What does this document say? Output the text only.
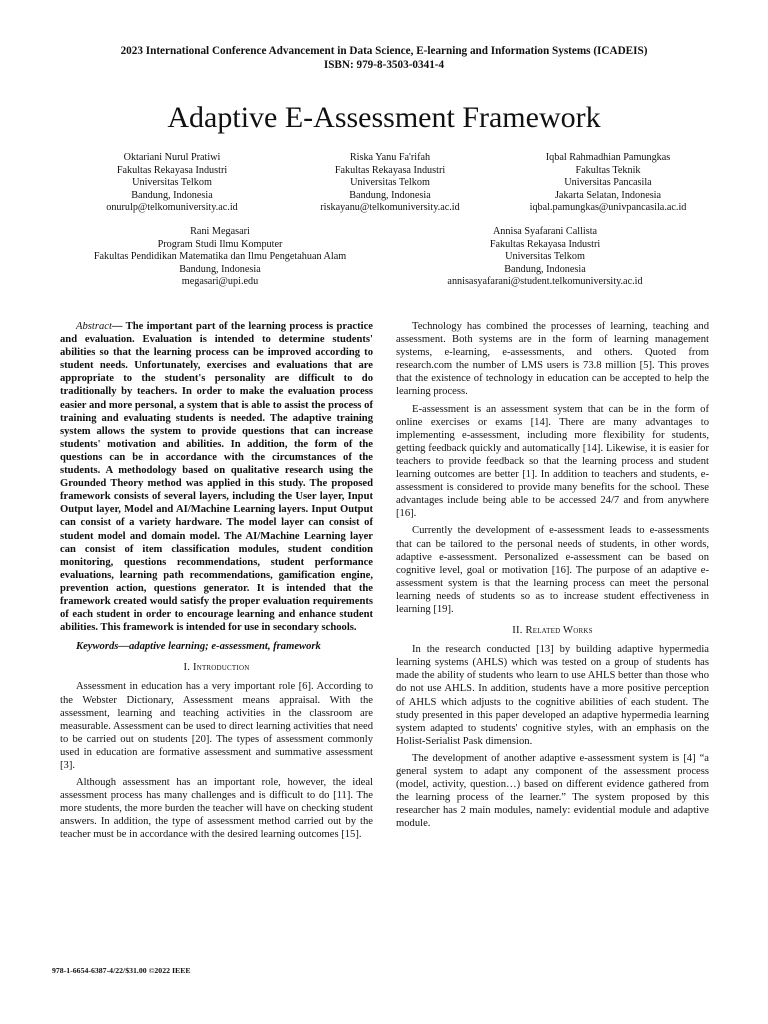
2023 International Conference Advancement in Data Science, E-learning and Information Systems (ICADEIS)
ISBN: 979-8-3503-0341-4
Adaptive E-Assessment Framework
Oktariani Nurul Pratiwi
Fakultas Rekayasa Industri
Universitas Telkom
Bandung, Indonesia
onurulp@telkomuniversity.ac.id
Riska Yanu Fa'rifah
Fakultas Rekayasa Industri
Universitas Telkom
Bandung, Indonesia
riskayanu@telkomuniversity.ac.id
Iqbal Rahmadhian Pamungkas
Fakultas Teknik
Universitas Pancasila
Jakarta Selatan, Indonesia
iqbal.pamungkas@univpancasila.ac.id
Rani Megasari
Program Studi Ilmu Komputer
Fakultas Pendidikan Matematika dan Ilmu Pengetahuan Alam
Bandung, Indonesia
megasari@upi.edu
Annisa Syafarani Callista
Fakultas Rekayasa Industri
Universitas Telkom
Bandung, Indonesia
annisasyafarani@student.telkomuniversity.ac.id

Abstract— The important part of the learning process is practice and evaluation. Evaluation is intended to determine students' abilities so that the learning process can be improved according to student needs. Unfortunately, exercises and evaluations that are appropriate to the student's personality are difficult to do traditionally by teachers. In order to make the evaluation process easier and more personal, a system that is able to assist the process of training and evaluating students is needed. The adaptive training system allows the system to provide questions that can increase students' motivation and abilities. In addition, the form of the questions can be in accordance with the circumstances of the students. A methodology based on qualitative research using the Grounded Theory method was applied in this study. The proposed framework consists of several layers, including the User layer, Input Output layer, Model and AI/Machine Learning layers. Input Output can consist of a variety hardware. The model layer can consist of student model and domain model. The AI/Machine Learning layer can consist of item classification modules, student condition monitoring, questions recommendations, student performance evaluations, learning path recommendations, gamification engine, prevention action, questions generator. It is intended that the framework created would satisfy the proper evaluation requirements of each student in order to encourage learning and enhance student abilities. This framework is intended for use in secondary schools.

Keywords—adaptive learning; e-assessment, framework

I. Introduction

Assessment in education has a very important role [6]. According to the Webster Dictionary, Assessment means appraisal. With the assessment, learning and teaching activities in the classroom are measurable. Assessment can be used to direct learning activities that need to be carried out on students [20]. The types of assessment commonly used in education are formative assessment and summative assessment [3].

Although assessment has an important role, however, the ideal assessment process has many challenges and is difficult to do [11]. The more students, the more burden the teacher will have on checking student answers. In addition, the type of assessment method carried out by the teacher must be in accordance with the desired learning outcomes [15].

Technology has combined the processes of learning, teaching and assessment. Both systems are in the form of learning management systems, e-learning, e-assessments, and others. Quoted from research.com the number of LMS users is 73.8 million [5]. This proves that the existence of technology in education can be accepted to help the learning process.

E-assessment is an assessment system that can be in the form of online exercises or exams [14]. There are many advantages to implementing e-assessment, including more flexibility for students, getting feedback quickly and automatically [14]. Likewise, it is easier for teachers to provide feedback so that the learning process and student learning outcomes are better [1]. In addition to teachers and students, e-assessment is considered to provide many benefits for the school. These advantages include being able to be accessed 24/7 and from anywhere [16].

Currently the development of e-assessment leads to e-assessments that can be tailored to the personal needs of students, in other words, adaptive e-assessment. Personalized e-assessment can be based on cognitive level, goal or motivation [16]. The purpose of an adaptive e-assessment system is that the learning process can meet the personal learning needs of students so as to increase student effectiveness in learning [19].

II. Related Works

In the research conducted [13] by building adaptive hypermedia learning systems (AHLS) which was tested on a group of students has made the ability of students who learn to use AHLS better than those who do not use AHLS. In addition, students have a more positive perception of AHLS which adjusts to the cognitive abilities of each student. The study presented in this paper developed an adaptive hypermedia learning system adapted to students' cognitive styles, with an emphasis on the Holist-Serialist Pask dimension.

The development of another adaptive e-assessment system is [4] “a general system to adapt any component of the assessment process (model, activity, question…) based on different evidence gathered from the learning process of the learner.” The system proposed by this researcher has 2 main modules, namely: evidential module and adaptive module.

978-1-6654-6387-4/22/$31.00 ©2022 IEEE
